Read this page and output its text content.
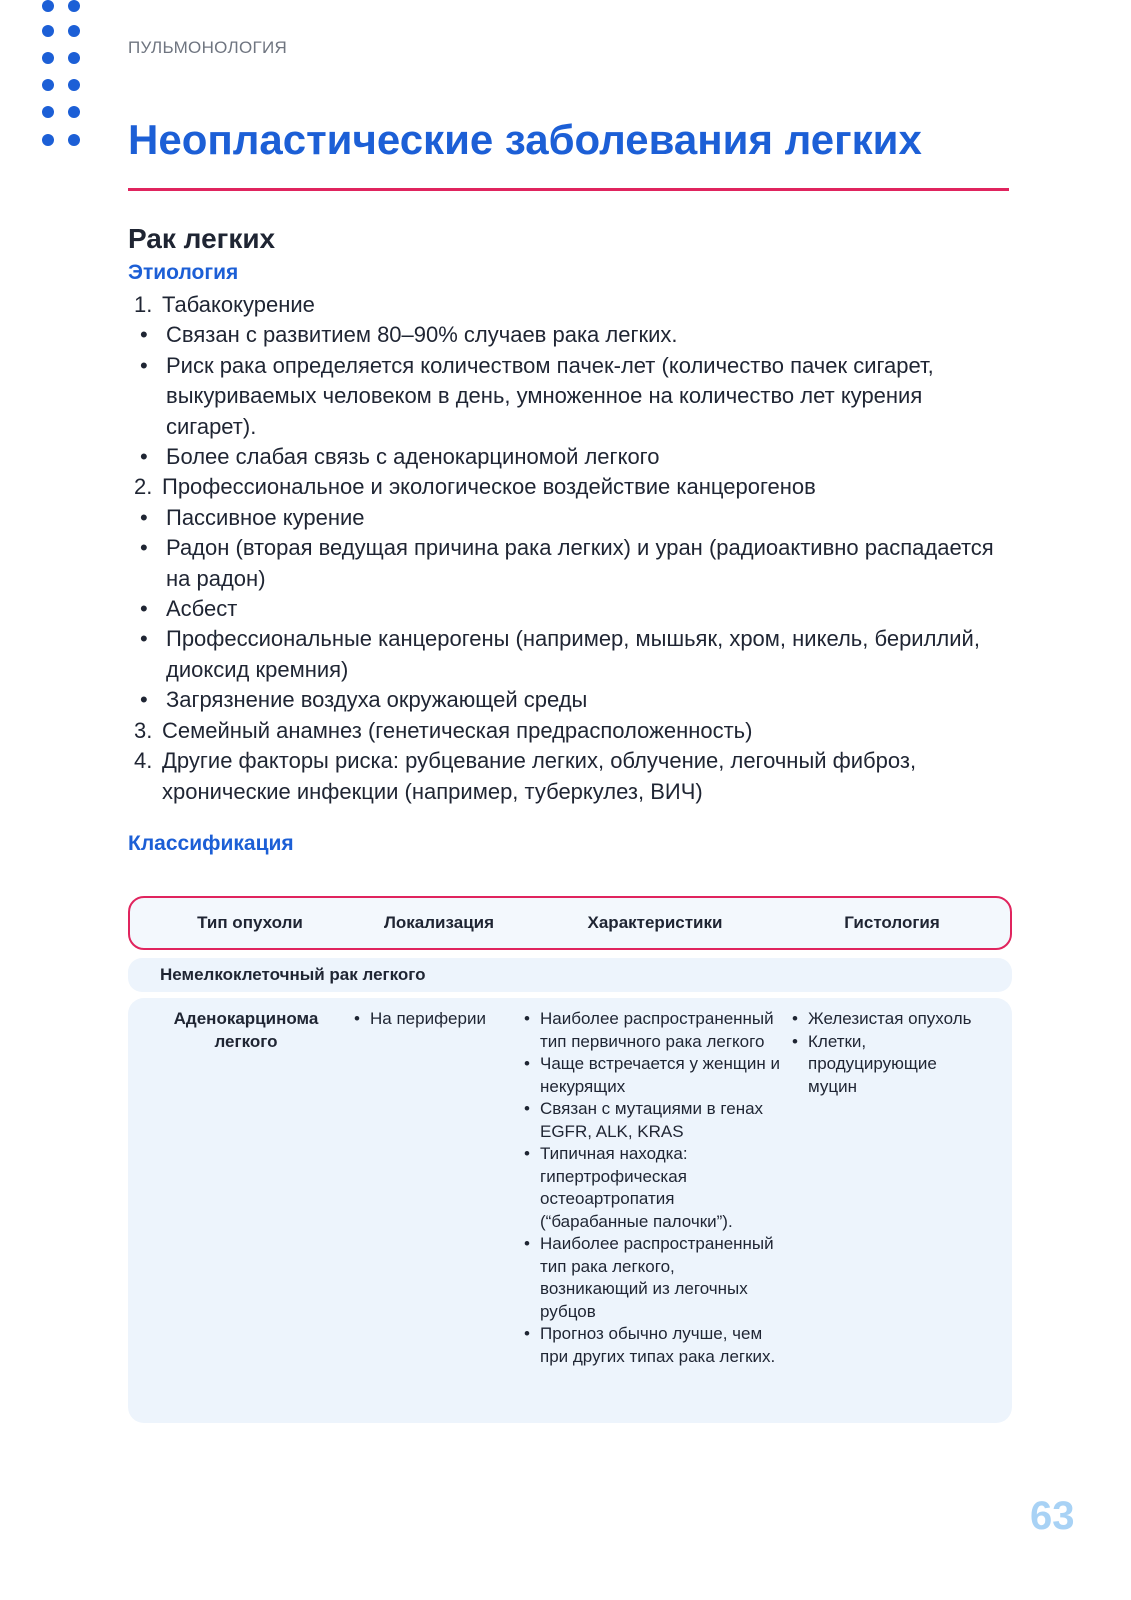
ПУЛЬМОНОЛОГИЯ
Неопластические заболевания легких
Рак легких
Этиология
1. Табакокурение
• Связан с развитием 80–90% случаев рака легких.
• Риск рака определяется количеством пачек-лет (количество пачек сигарет, выкуриваемых человеком в день, умноженное на количество лет курения сигарет).
• Более слабая связь с аденокарциномой легкого
2. Профессиональное и экологическое воздействие канцерогенов
• Пассивное курение
• Радон (вторая ведущая причина рака легких) и уран (радиоактивно распадается на радон)
• Асбест
• Профессиональные канцерогены (например, мышьяк, хром, никель, бериллий, диоксид кремния)
• Загрязнение воздуха окружающей среды
3. Семейный анамнез (генетическая предрасположенность)
4. Другие факторы риска: рубцевание легких, облучение, легочный фиброз, хронические инфекции (например, туберкулез, ВИЧ)
Классификация
Тип опухоли	Локализация	Характеристики	Гистология
Немелкоклеточный рак легкого
Аденокарцинома
легкого
• На периферии
•	Наиболее распространенный тип первичного рака легкого
• Чаще встречается у женщин и некурящих
• Связан с мутациями в генах EGFR, ALK, KRAS
• Типичная находка: гипертрофическая остеоартропатия (“барабанные палочки”).
• Наиболее распространенный тип рака легкого, возникающий из легочных рубцов
• Прогноз обычно лучше, чем при других типах рака легких.
• Железистая опухоль
• Клетки, продуцирующие муцин
63
